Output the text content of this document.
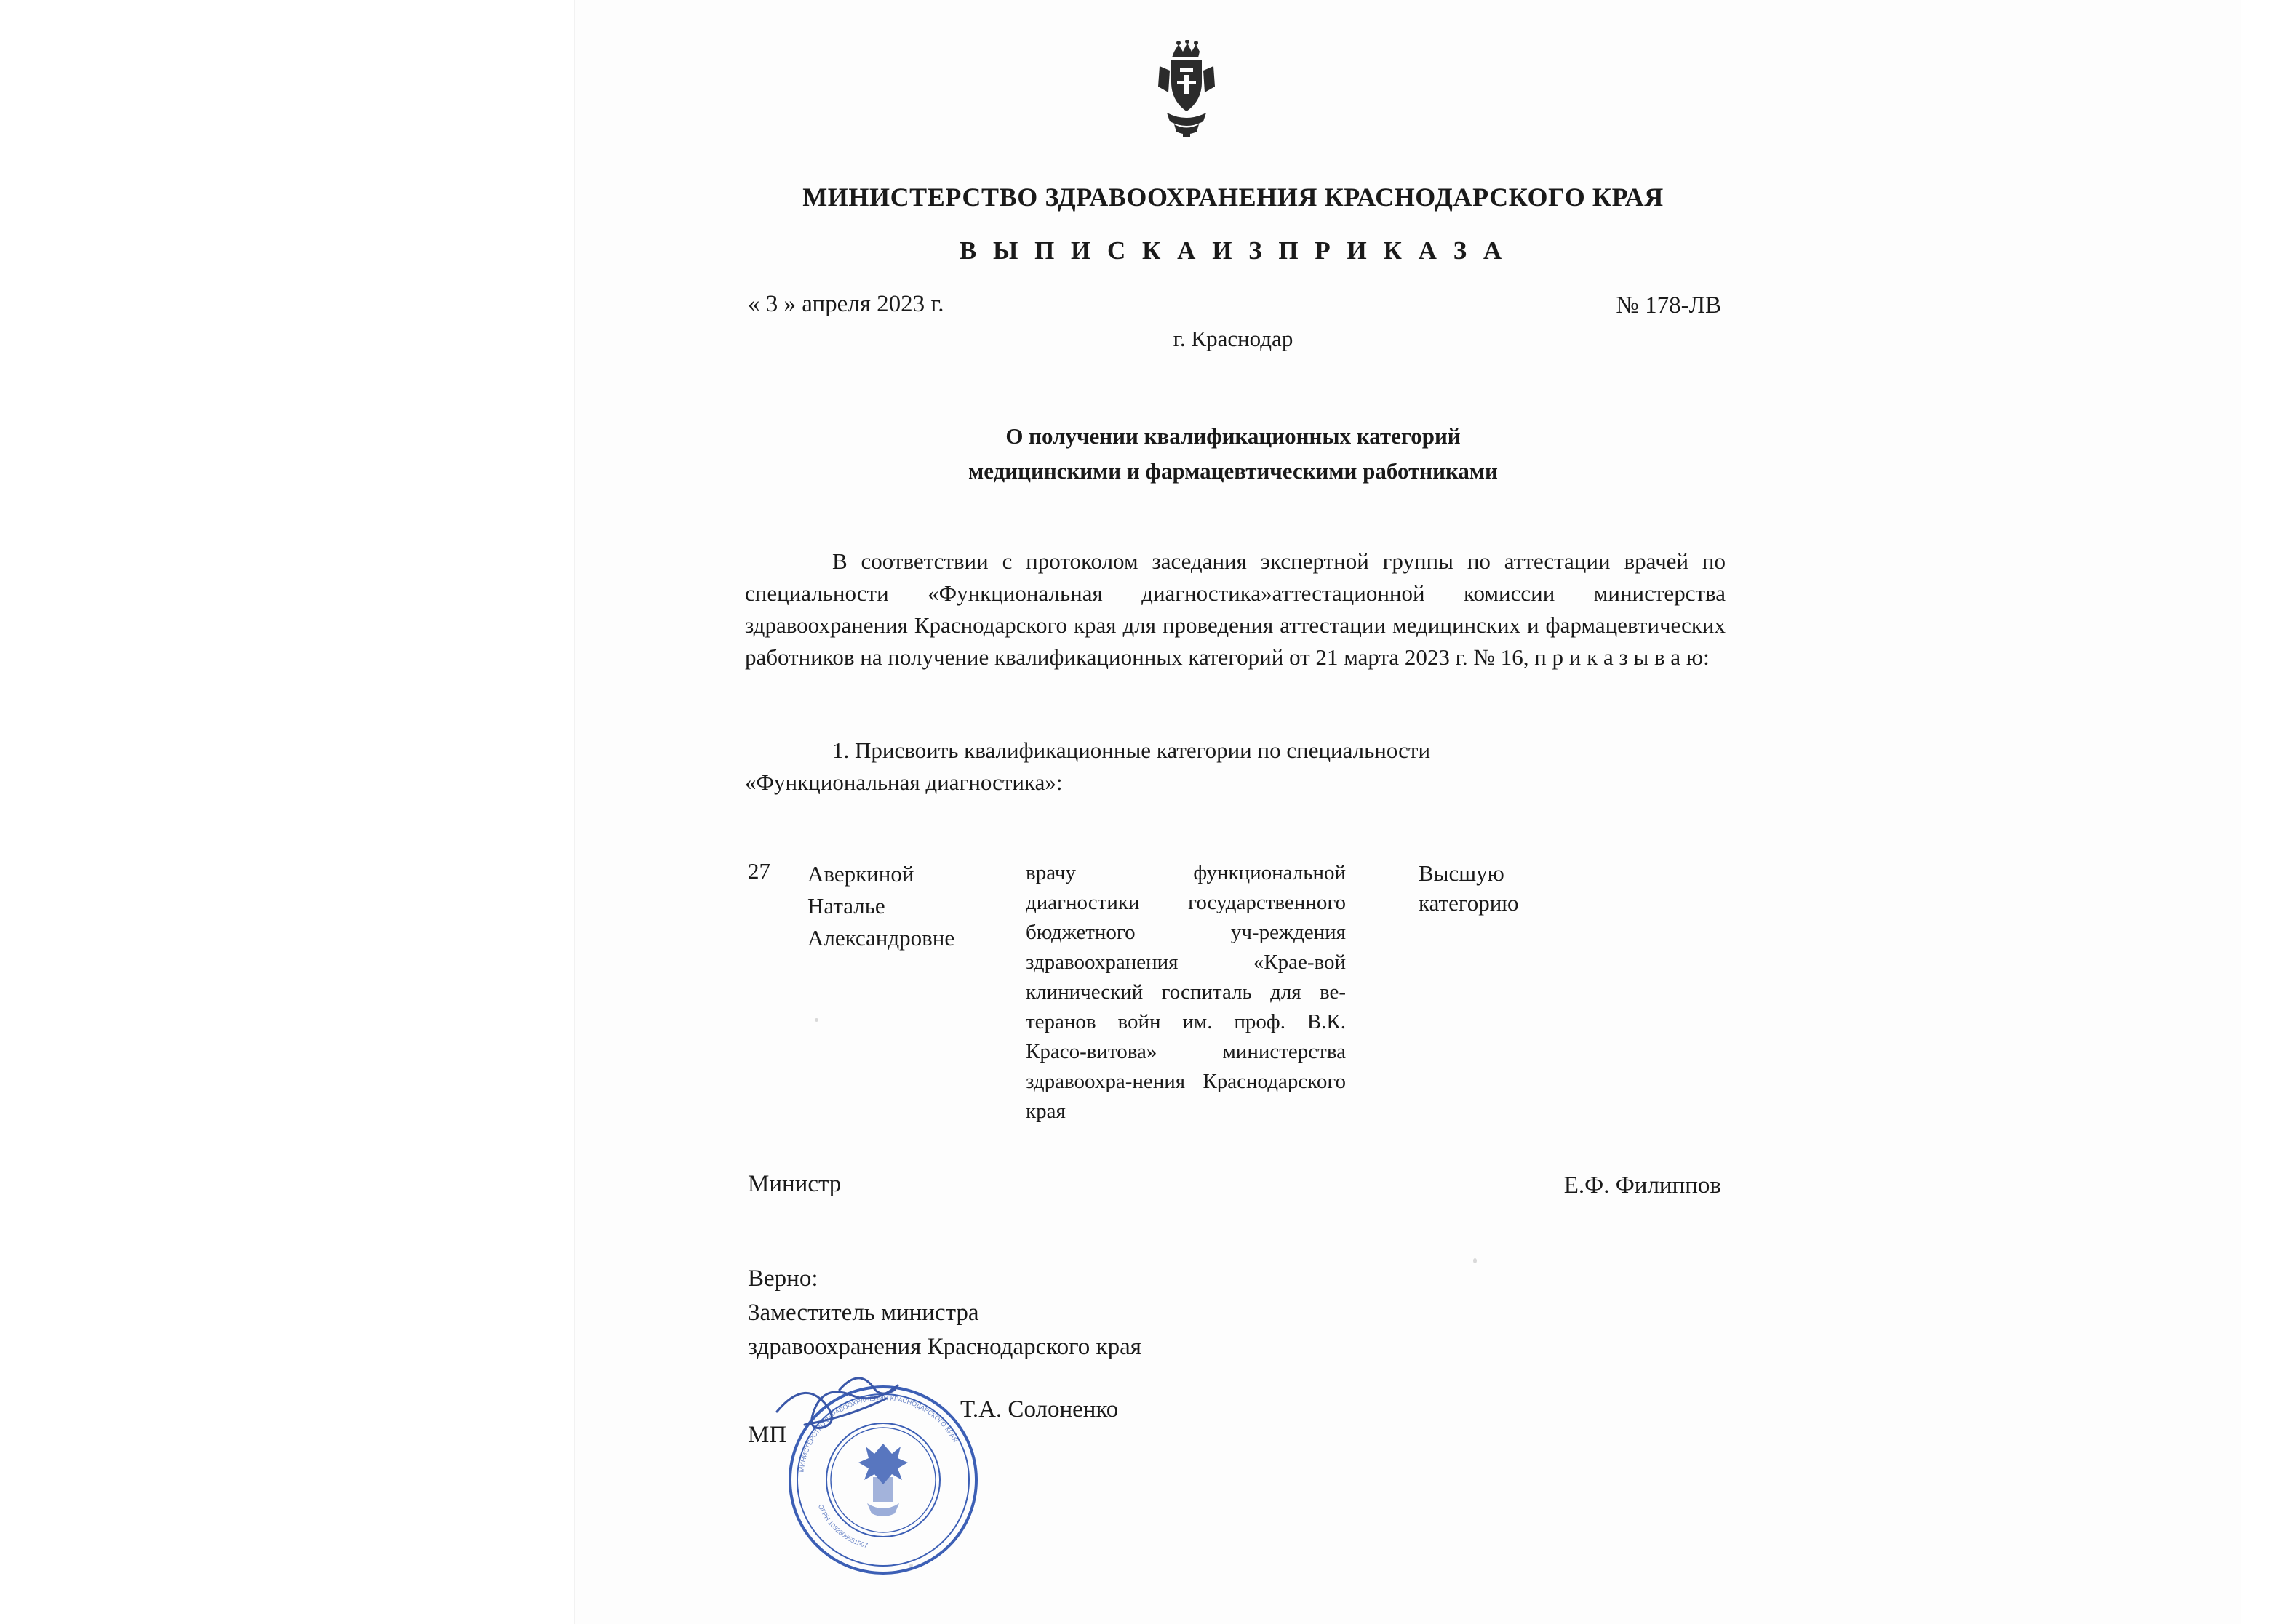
МИНИСТЕРСТВО ЗДРАВООХРАНЕНИЯ КРАСНОДАРСКОГО КРАЯ
В Ы П И С К А И З П Р И К А З А
« 3 » апреля 2023 г.	№ 178-ЛВ
г. Краснодар
О получении квалификационных категорий
медицинскими и фармацевтическими работниками

В соответствии с протоколом заседания экспертной группы по аттестации врачей по специальности «Функциональная диагностика»аттестационной комиссии министерства здравоохранения Краснодарского края для проведения аттестации медицинских и фармацевтических работников на получение квалификационных категорий от 21 марта 2023 г. № 16, п р и к а з ы в а ю:

1. Присвоить квалификационные категории по специальности
«Функциональная диагностика»:
27 Аверкиной
Наталье
Александровне
врачу функциональной диагностики государственного бюджетного уч-реждения здравоохранения «Крае-вой клинический госпиталь для ве-теранов войн им. проф. В.К. Красо-витова» министерства здравоохра-нения Краснодарского края
Высшую
категорию
Министр	Е.Ф. Филиппов
Верно:
Заместитель министра
здравоохранения Краснодарского края
МИНИСТЕРСТВО ЗДРАВООХРАНЕНИЯ КРАСНОДАРСКОГО КРАЯ
ОГРН 1032306551507
Т.А. Солоненко
МП
